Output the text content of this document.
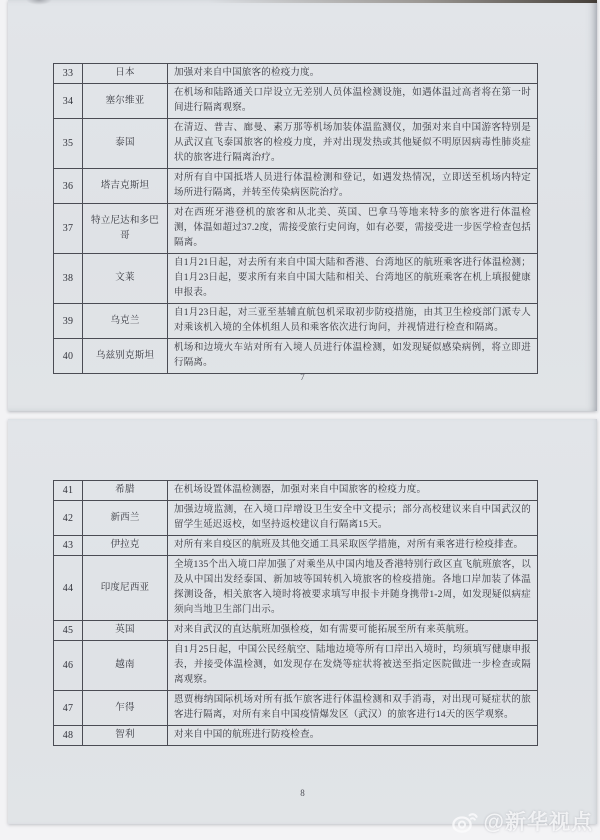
33	日本	加强对来自中国旅客的检疫力度。
34	塞尔维亚	在机场和陆路通关口岸设立无差别人员体温检测设施，如遇体温过高者将在第一时间进行隔离观察。
35	泰国	在清迈、普吉、廊曼、素万那等机场加装体温监测仪，加强对来自中国游客特别是从武汉直飞泰国旅客的检疫力度，并对出现发热或其他疑似不明原因病毒性肺炎症状的旅客进行隔离治疗。
36	塔吉克斯坦	对所有自中国抵塔人员进行体温检测和登记，如遇发热情况，立即送至机场内特定场所进行隔离，并转至传染病医院治疗。
37	特立尼达和多巴哥	对在西班牙港登机的旅客和从北美、英国、巴拿马等地来特多的旅客进行体温检测，体温如超过37.2度，需接受旅行史问询，如有必要，需接受进一步医学检查包括隔离。
38	文莱	自1月21日起，对去所有来自中国大陆和香港、台湾地区的航班乘客进行体温检测；自1月23日起，要求所有来自中国大陆和相关、台湾地区的航班乘客在机上填报健康申报表。
39	乌克兰	自1月23日起，对三亚至基辅直航包机采取初步防疫措施，由其卫生检疫部门派专人对乘该机入境的全体机组人员和乘客依次进行询问，并视情进行检查和隔离。
40	乌兹别克斯坦	机场和边境火车站对所有入境人员进行体温检测，如发现疑似感染病例，将立即进行隔离。
7
41	希腊	在机场设置体温检测器，加强对来自中国旅客的检疫力度。
42	新西兰	加强边境监测，在入境口岸增设卫生安全中文提示；部分高校建议来自中国武汉的留学生延迟返校，如坚持返校建议自行隔离15天。
43	伊拉克	对所有来自疫区的航班及其他交通工具采取医学措施，对所有乘客进行检疫排查。
44	印度尼西亚	全境135个出入境口岸加强了对乘坐从中国内地及香港特别行政区直飞航班旅客，以及从中国出发经泰国、新加坡等国转机入境旅客的检疫措施。各地口岸加装了体温探测设备，相关旅客入境时将被要求填写申报卡并随身携带1-2周，如发现疑似病症须向当地卫生部门出示。
45	英国	对来自武汉的直达航班加强检疫，如有需要可能拓展至所有来英航班。
46	越南	自1月25日起，中国公民经航空、陆地边境等所有口岸出入境时，均须填写健康申报表，并接受体温检测，如发现存在发烧等症状将被送至指定医院做进一步检查或隔离观察。
47	乍得	恩贾梅纳国际机场对所有抵乍旅客进行体温检测和双手消毒，对出现可疑症状的旅客进行隔离，对所有来自中国疫情爆发区（武汉）的旅客进行14天的医学观察。
48	智利	对来自中国的航班进行防疫检查。
8
@新华视点
